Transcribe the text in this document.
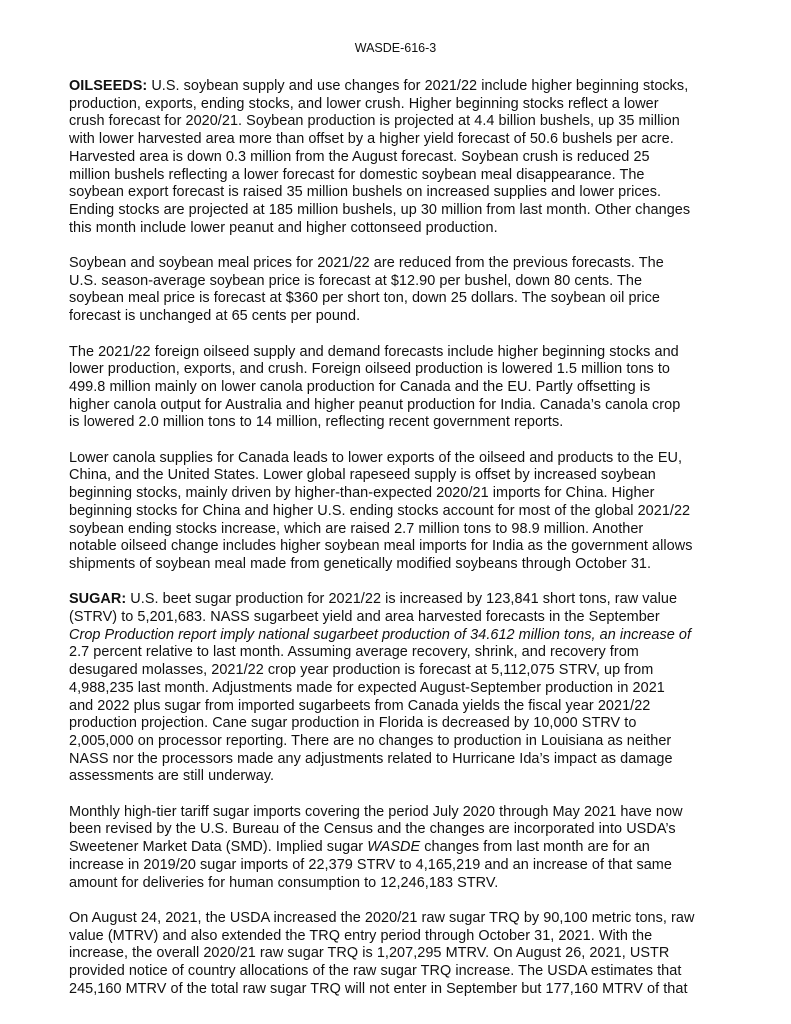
WASDE-616-3

OILSEEDS: U.S. soybean supply and use changes for 2021/22 include higher beginning stocks,
production, exports, ending stocks, and lower crush. Higher beginning stocks reflect a lower
crush forecast for 2020/21. Soybean production is projected at 4.4 billion bushels, up 35 million
with lower harvested area more than offset by a higher yield forecast of 50.6 bushels per acre.
Harvested area is down 0.3 million from the August forecast. Soybean crush is reduced 25
million bushels reflecting a lower forecast for domestic soybean meal disappearance. The
soybean export forecast is raised 35 million bushels on increased supplies and lower prices.
Ending stocks are projected at 185 million bushels, up 30 million from last month. Other changes
this month include lower peanut and higher cottonseed production.

Soybean and soybean meal prices for 2021/22 are reduced from the previous forecasts. The
U.S. season-average soybean price is forecast at $12.90 per bushel, down 80 cents. The
soybean meal price is forecast at $360 per short ton, down 25 dollars. The soybean oil price
forecast is unchanged at 65 cents per pound.

The 2021/22 foreign oilseed supply and demand forecasts include higher beginning stocks and
lower production, exports, and crush. Foreign oilseed production is lowered 1.5 million tons to
499.8 million mainly on lower canola production for Canada and the EU. Partly offsetting is
higher canola output for Australia and higher peanut production for India. Canada’s canola crop
is lowered 2.0 million tons to 14 million, reflecting recent government reports.

Lower canola supplies for Canada leads to lower exports of the oilseed and products to the EU,
China, and the United States. Lower global rapeseed supply is offset by increased soybean
beginning stocks, mainly driven by higher-than-expected 2020/21 imports for China. Higher
beginning stocks for China and higher U.S. ending stocks account for most of the global 2021/22
soybean ending stocks increase, which are raised 2.7 million tons to 98.9 million. Another
notable oilseed change includes higher soybean meal imports for India as the government allows
shipments of soybean meal made from genetically modified soybeans through October 31.

SUGAR: U.S. beet sugar production for 2021/22 is increased by 123,841 short tons, raw value
(STRV) to 5,201,683. NASS sugarbeet yield and area harvested forecasts in the September
Crop Production report imply national sugarbeet production of 34.612 million tons, an increase of
2.7 percent relative to last month. Assuming average recovery, shrink, and recovery from
desugared molasses, 2021/22 crop year production is forecast at 5,112,075 STRV, up from
4,988,235 last month. Adjustments made for expected August-September production in 2021
and 2022 plus sugar from imported sugarbeets from Canada yields the fiscal year 2021/22
production projection. Cane sugar production in Florida is decreased by 10,000 STRV to
2,005,000 on processor reporting. There are no changes to production in Louisiana as neither
NASS nor the processors made any adjustments related to Hurricane Ida’s impact as damage
assessments are still underway.

Monthly high-tier tariff sugar imports covering the period July 2020 through May 2021 have now
been revised by the U.S. Bureau of the Census and the changes are incorporated into USDA’s
Sweetener Market Data (SMD). Implied sugar WASDE changes from last month are for an
increase in 2019/20 sugar imports of 22,379 STRV to 4,165,219 and an increase of that same
amount for deliveries for human consumption to 12,246,183 STRV.

On August 24, 2021, the USDA increased the 2020/21 raw sugar TRQ by 90,100 metric tons, raw
value (MTRV) and also extended the TRQ entry period through October 31, 2021. With the
increase, the overall 2020/21 raw sugar TRQ is 1,207,295 MTRV. On August 26, 2021, USTR
provided notice of country allocations of the raw sugar TRQ increase. The USDA estimates that
245,160 MTRV of the total raw sugar TRQ will not enter in September but 177,160 MTRV of that
